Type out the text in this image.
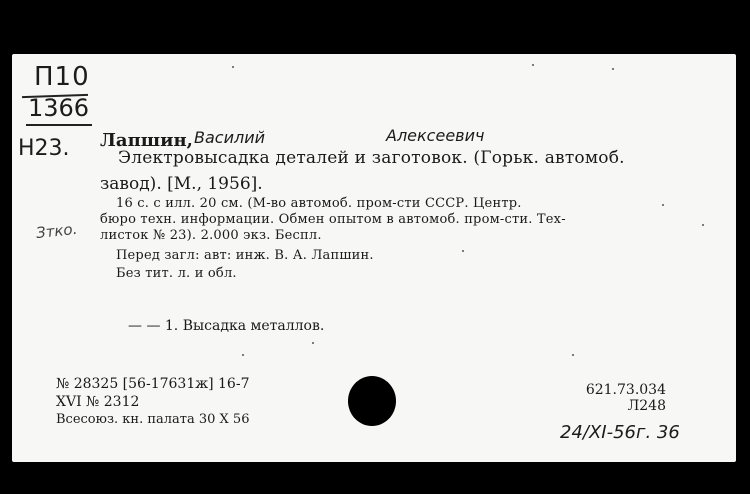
П10
1366
Н23. Лапшин, Василий	Алексеевич
Электровысадка деталей и заготовок. (Горьк. автомоб.
завод). [М., 1956].
16 с. с илл. 20 см. (М-во автомоб. пром-сти СССР. Центр.
бюро техн. информации. Обмен опытом в автомоб. пром-сти. Тех-
листок № 23). 2.000 экз. Беспл.
Зтко.
Перед загл: авт: инж. В. А. Лапшин.
Без тит. л. и обл.
— — 1. Высадка металлов.
№ 28325 [56-17631ж] 16-7
XVI № 2312
Всесоюз. кн. палата 30 X 56
621.73.034
Л248
24/XI-56г. 36
